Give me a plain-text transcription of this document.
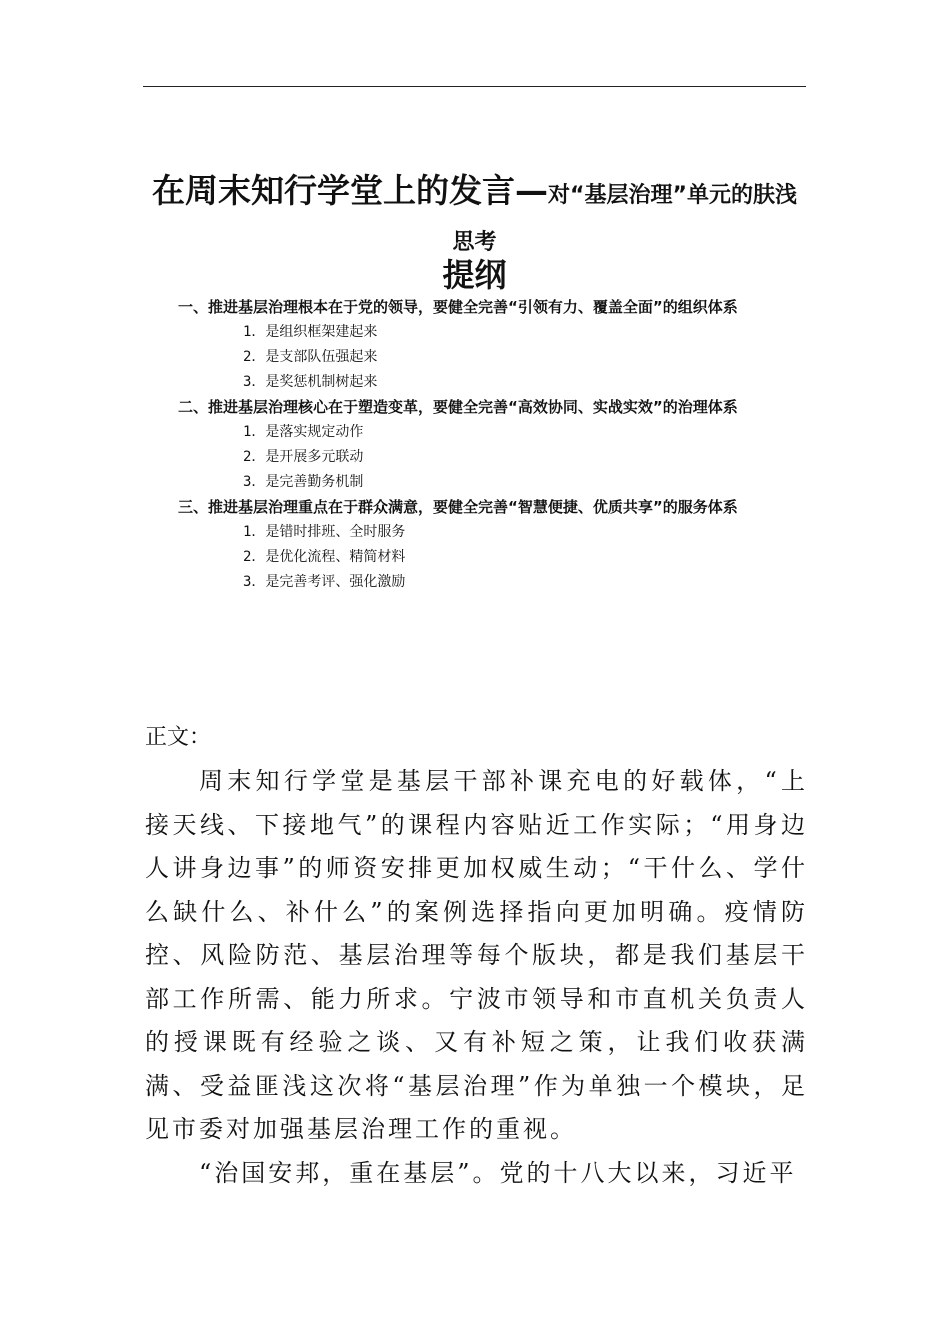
在周末知行学堂上的发言—对“基层治理”单元的肤浅思考
提纲
一、推进基层治理根本在于党的领导，要健全完善“引领有力、覆盖全面”的组织体系
1．是组织框架建起来
2．是支部队伍强起来
3．是奖惩机制树起来
二、推进基层治理核心在于塑造变革，要健全完善“高效协同、实战实效”的治理体系
1．是落实规定动作
2．是开展多元联动
3．是完善勤务机制
三、推进基层治理重点在于群众满意，要健全完善“智慧便捷、优质共享”的服务体系
1．是错时排班、全时服务
2．是优化流程、精简材料
3．是完善考评、强化激励
正文：

周末知行学堂是基层干部补课充电的好载体，“上接天线、下接地气”的课程内容贴近工作实际；“用身边人讲身边事”的师资安排更加权威生动；“干什么、学什么缺什么、补什么”的案例选择指向更加明确。疫情防控、风险防范、基层治理等每个版块，都是我们基层干部工作所需、能力所求。宁波市领导和市直机关负责人的授课既有经验之谈、又有补短之策，让我们收获满满、受益匪浅这次将“基层治理”作为单独一个模块，足见市委对加强基层治理工作的重视。

“治国安邦，重在基层”。党的十八大以来，习近平
